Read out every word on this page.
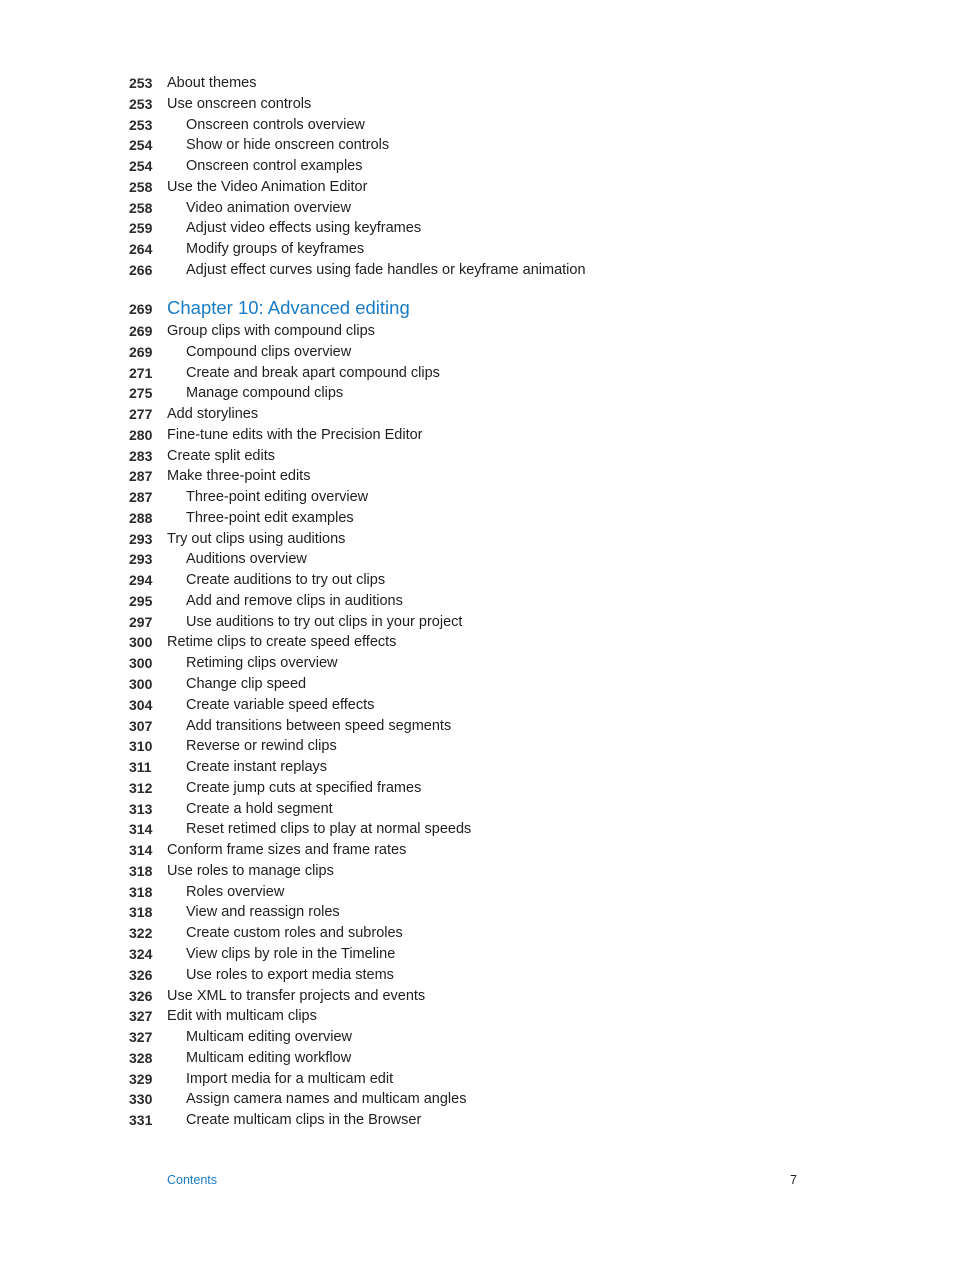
253	About themes
253	Use onscreen controls
253	Onscreen controls overview
254	Show or hide onscreen controls
254	Onscreen control examples
258	Use the Video Animation Editor
258	Video animation overview
259	Adjust video effects using keyframes
264	Modify groups of keyframes
266	Adjust effect curves using fade handles or keyframe animation
269 Chapter 10: Advanced editing
269	Group clips with compound clips
269	Compound clips overview
271	Create and break apart compound clips
275	Manage compound clips
277	Add storylines
280	Fine-tune edits with the Precision Editor
283	Create split edits
287	Make three-point edits
287	Three-point editing overview
288	Three-point edit examples
293	Try out clips using auditions
293	Auditions overview
294	Create auditions to try out clips
295	Add and remove clips in auditions
297	Use auditions to try out clips in your project
300	Retime clips to create speed effects
300	Retiming clips overview
300	Change clip speed
304	Create variable speed effects
307	Add transitions between speed segments
310	Reverse or rewind clips
311	Create instant replays
312	Create jump cuts at specified frames
313	Create a hold segment
314	Reset retimed clips to play at normal speeds
314	Conform frame sizes and frame rates
318	Use roles to manage clips
318	Roles overview
318	View and reassign roles
322	Create custom roles and subroles
324	View clips by role in the Timeline
326	Use roles to export media stems
326	Use XML to transfer projects and events
327	Edit with multicam clips
327	Multicam editing overview
328	Multicam editing workflow
329	Import media for a multicam edit
330	Assign camera names and multicam angles
331	Create multicam clips in the Browser
Contents	7
